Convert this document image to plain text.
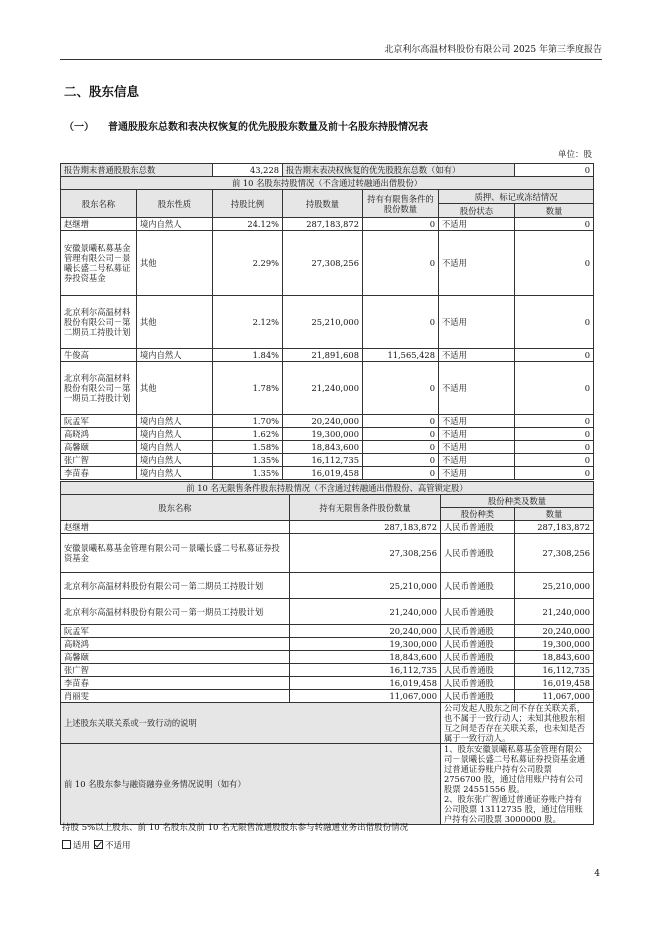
北京利尔高温材料股份有限公司 2025 年第三季度报告
二、股东信息
（一） 普通股股东总数和表决权恢复的优先股股东数量及前十名股东持股情况表
单位：股
报告期末普通股股东总数		43,228	报告期末表决权恢复的优先股股东总数（如有）			0
前 10 名股东持股情况（不含通过转融通出借股份）						
股东名称	股东性质	持股比例	持股数量	持有有限售条件的股份数量	质押、标记或冻结情况	
					股份状态	数量
赵继增	境内自然人	24.12%	287,183,872	0	不适用	0
安徽景曦私募基金管理有限公司－景曦长盛二号私募证券投资基金	其他	2.29%	27,308,256	0	不适用	0
北京利尔高温材料股份有限公司－第二期员工持股计划	其他	2.12%	25,210,000	0	不适用	0
牛俊高	境内自然人	1.84%	21,891,608	11,565,428	不适用	0
北京利尔高温材料股份有限公司－第一期员工持股计划	其他	1.78%	21,240,000	0	不适用	0
阮孟军	境内自然人	1.70%	20,240,000	0	不适用	0
高晓鸿	境内自然人	1.62%	19,300,000	0	不适用	0
高馨颐	境内自然人	1.58%	18,843,600	0	不适用	0
张广智	境内自然人	1.35%	16,112,735	0	不适用	0
李苗春	境内自然人	1.35%	16,019,458	0	不适用	0
前 10 名无限售条件股东持股情况（不含通过转融通出借股份、高管锁定股）			
股东名称	持有无限售条件股份数量	股份种类及数量	
		股份种类	数量
赵继增	287,183,872	人民币普通股	287,183,872
安徽景曦私募基金管理有限公司－景曦长盛二号私募证券投资基金	27,308,256	人民币普通股	27,308,256
北京利尔高温材料股份有限公司－第二期员工持股计划	25,210,000	人民币普通股	25,210,000
北京利尔高温材料股份有限公司－第一期员工持股计划	21,240,000	人民币普通股	21,240,000
阮孟军	20,240,000	人民币普通股	20,240,000
高晓鸿	19,300,000	人民币普通股	19,300,000
高馨颐	18,843,600	人民币普通股	18,843,600
张广智	16,112,735	人民币普通股	16,112,735
李苗春	16,019,458	人民币普通股	16,019,458
肖丽雯	11,067,000	人民币普通股	11,067,000
上述股东关联关系或一致行动的说明		公司发起人股东之间不存在关联关系，也不属于一致行动人；未知其他股东相互之间是否存在关联关系，也未知是否属于一致行动人。	
前 10 名股东参与融资融券业务情况说明（如有）		1、股东安徽景曦私募基金管理有限公司－景曦长盛二号私募证券投资基金通过普通证券账户持有公司股票 2756700 股，通过信用账户持有公司股票 24551556 股。
2、股东张广智通过普通证券账户持有公司股票 13112735 股，通过信用账户持有公司股票 3000000 股。	
持股 5%以上股东、前 10 名股东及前 10 名无限售流通股股东参与转融通业务出借股份情况
适用 不适用
4
